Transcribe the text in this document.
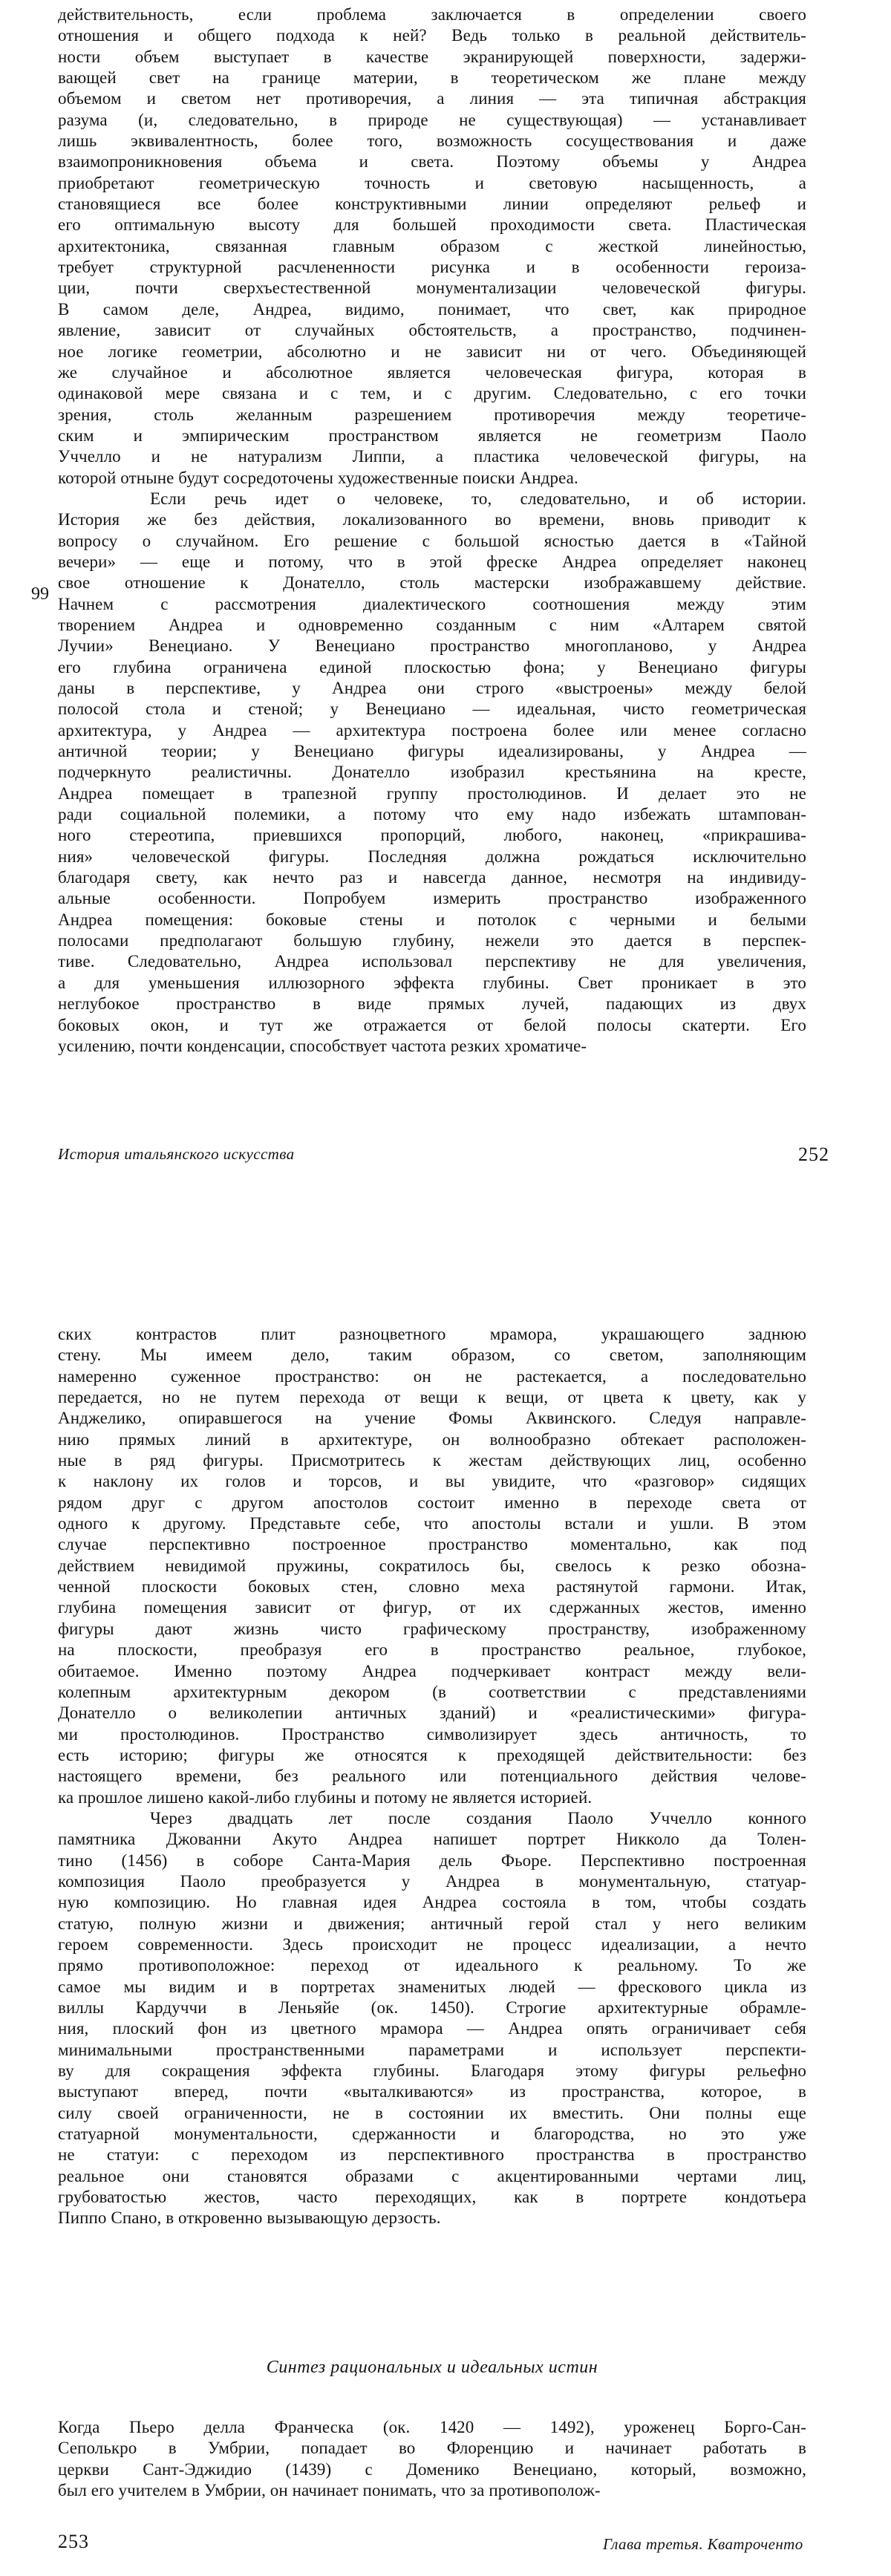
99
действительность, если проблема заключается в определении своего
отношения и общего подхода к ней? Ведь только в реальной действитель-
ности объем выступает в качестве экранирующей поверхности, задержи-
вающей свет на границе материи, в теоретическом же плане между
объемом и светом нет противоречия, а линия — эта типичная абстракция
разума (и, следовательно, в природе не существующая) — устанавливает
лишь эквивалентность, более того, возможность сосуществования и даже
взаимопроникновения объема и света. Поэтому объемы у Андреа
приобретают геометрическую точность и световую насыщенность, а
становящиеся все более конструктивными линии определяют рельеф и
его оптимальную высоту для большей проходимости света. Пластическая
архитектоника, связанная главным образом с жесткой линейностью,
требует структурной расчлененности рисунка и в особенности героиза-
ции, почти сверхъестественной монументализации человеческой фигуры.
В самом деле, Андреа, видимо, понимает, что свет, как природное
явление, зависит от случайных обстоятельств, а пространство, подчинен-
ное логике геометрии, абсолютно и не зависит ни от чего. Объединяющей
же случайное и абсолютное является человеческая фигура, которая в
одинаковой мере связана и с тем, и с другим. Следовательно, с его точки
зрения, столь желанным разрешением противоречия между теоретиче-
ским и эмпирическим пространством является не геометризм Паоло
Уччелло и не натурализм Липпи, а пластика человеческой фигуры, на
которой отныне будут сосредоточены художественные поиски Андреа.
Если речь идет о человеке, то, следовательно, и об истории.
История же без действия, локализованного во времени, вновь приводит к
вопросу о случайном. Его решение с большой ясностью дается в «Тайной
вечери» — еще и потому, что в этой фреске Андреа определяет наконец
свое отношение к Донателло, столь мастерски изображавшему действие.
Начнем с рассмотрения диалектического соотношения между этим
творением Андреа и одновременно созданным с ним «Алтарем святой
Лучии» Венециано. У Венециано пространство многопланово, у Андреа
его глубина ограничена единой плоскостью фона; у Венециано фигуры
даны в перспективе, у Андреа они строго «выстроены» между белой
полосой стола и стеной; у Венециано — идеальная, чисто геометрическая
архитектура, у Андреа — архитектура построена более или менее согласно
античной теории; у Венециано фигуры идеализированы, у Андреа —
подчеркнуто реалистичны. Донателло изобразил крестьянина на кресте,
Андреа помещает в трапезной группу простолюдинов. И делает это не
ради социальной полемики, а потому что ему надо избежать штампован-
ного стереотипа, приевшихся пропорций, любого, наконец, «прикрашива-
ния» человеческой фигуры. Последняя должна рождаться исключительно
благодаря свету, как нечто раз и навсегда данное, несмотря на индивиду-
альные особенности. Попробуем измерить пространство изображенного
Андреа помещения: боковые стены и потолок с черными и белыми
полосами предполагают большую глубину, нежели это дается в перспек-
тиве. Следовательно, Андреа использовал перспективу не для увеличения,
а для уменьшения иллюзорного эффекта глубины. Свет проникает в это
неглубокое пространство в виде прямых лучей, падающих из двух
боковых окон, и тут же отражается от белой полосы скатерти. Его
усилению, почти конденсации, способствует частота резких хроматиче-
История итальянского искусства	252
ских контрастов плит разноцветного мрамора, украшающего заднюю
стену. Мы имеем дело, таким образом, со светом, заполняющим
намеренно суженное пространство: он не растекается, а последовательно
передается, но не путем перехода от вещи к вещи, от цвета к цвету, как у
Анджелико, опиравшегося на учение Фомы Аквинского. Следуя направле-
нию прямых линий в архитектуре, он волнообразно обтекает расположен-
ные в ряд фигуры. Присмотритесь к жестам действующих лиц, особенно
к наклону их голов и торсов, и вы увидите, что «разговор» сидящих
рядом друг с другом апостолов состоит именно в переходе света от
одного к другому. Представьте себе, что апостолы встали и ушли. В этом
случае перспективно построенное пространство моментально, как под
действием невидимой пружины, сократилось бы, свелось к резко обозна-
ченной плоскости боковых стен, словно меха растянутой гармони. Итак,
глубина помещения зависит от фигур, от их сдержанных жестов, именно
фигуры дают жизнь чисто графическому пространству, изображенному
на плоскости, преобразуя его в пространство реальное, глубокое,
обитаемое. Именно поэтому Андреа подчеркивает контраст между вели-
колепным архитектурным декором (в соответствии с представлениями
Донателло о великолепии античных зданий) и «реалистическими» фигура-
ми простолюдинов. Пространство символизирует здесь античность, то
есть историю; фигуры же относятся к преходящей действительности: без
настоящего времени, без реального или потенциального действия челове-
ка прошлое лишено какой-либо глубины и потому не является историей.
Через двадцать лет после создания Паоло Уччелло конного
памятника Джованни Акуто Андреа напишет портрет Никколо да Толен-
тино (1456) в соборе Санта-Мария дель Фьоре. Перспективно построенная
композиция Паоло преобразуется у Андреа в монументальную, статуар-
ную композицию. Но главная идея Андреа состояла в том, чтобы создать
статую, полную жизни и движения; античный герой стал у него великим
героем современности. Здесь происходит не процесс идеализации, а нечто
прямо противоположное: переход от идеального к реальному. То же
самое мы видим и в портретах знаменитых людей — фрескового цикла из
виллы Кардуччи в Леньяйе (ок. 1450). Строгие архитектурные обрамле-
ния, плоский фон из цветного мрамора — Андреа опять ограничивает себя
минимальными пространственными параметрами и использует перспекти-
ву для сокращения эффекта глубины. Благодаря этому фигуры рельефно
выступают вперед, почти «выталкиваются» из пространства, которое, в
силу своей ограниченности, не в состоянии их вместить. Они полны еще
статуарной монументальности, сдержанности и благородства, но это уже
не статуи: с переходом из перспективного пространства в пространство
реальное они становятся образами с акцентированными чертами лиц,
грубоватостью жестов, часто переходящих, как в портрете кондотьера
Пиппо Спано, в откровенно вызывающую дерзость.
Когда Пьеро делла Франческа (ок. 1420 — 1492), уроженец Борго-Сан-
Сеполькро в Умбрии, попадает во Флоренцию и начинает работать в
церкви Сант-Эджидио (1439) с Доменико Венециано, который, возможно,
был его учителем в Умбрии, он начинает понимать, что за противополож-
253	Глава третья. Кватроченто
Синтез рациональных и идеальных истин
